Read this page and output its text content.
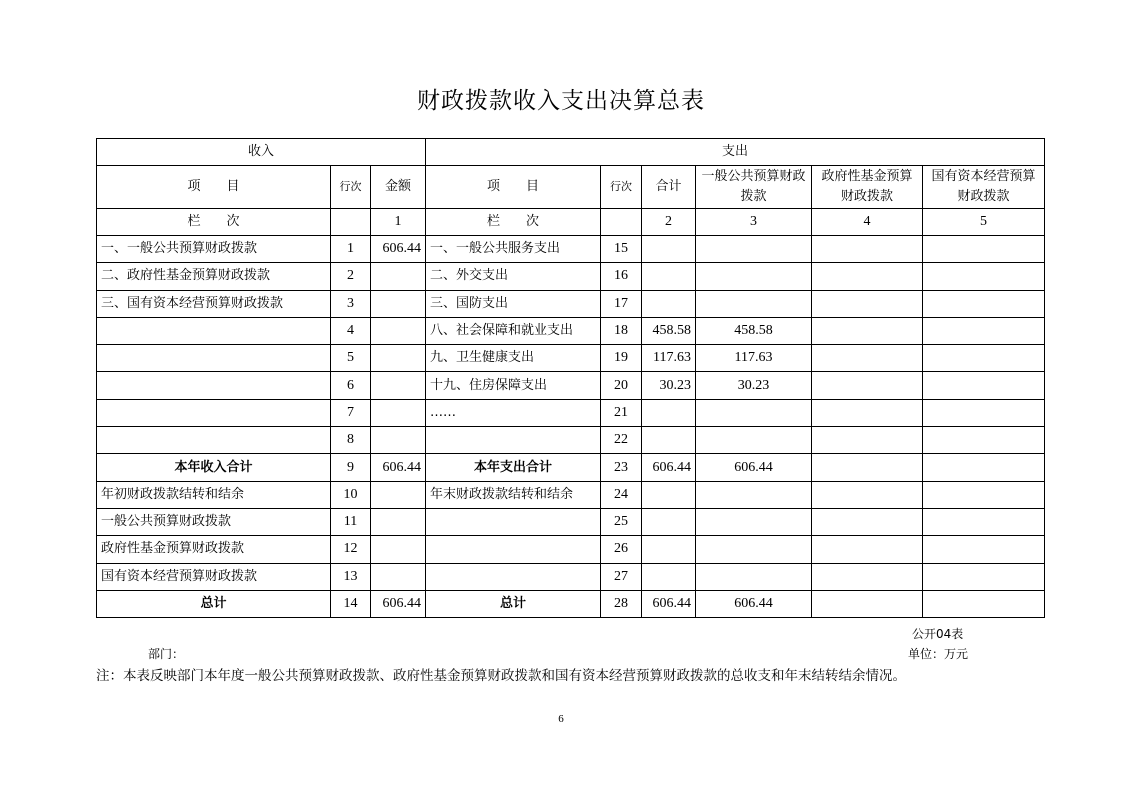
财政拨款收入支出决算总表
收入			支出					
项　　目	行次	金额	项　　目	行次	合计	一般公共预算财政拨款	政府性基金预算财政拨款	国有资本经营预算财政拨款
栏　　次		1	栏　　次		2	3	4	5
一、一般公共预算财政拨款	1	606.44	一、一般公共服务支出	15				
二、政府性基金预算财政拨款	2		二、外交支出	16				
三、国有资本经营预算财政拨款	3		三、国防支出	17				
	4		八、社会保障和就业支出	18	458.58	458.58		
	5		九、卫生健康支出	19	117.63	117.63		
	6		十九、住房保障支出	20	30.23	30.23		
	7		……	21				
	8			22				
本年收入合计	9	606.44	本年支出合计	23	606.44	606.44		
年初财政拨款结转和结余	10		年末财政拨款结转和结余	24				
一般公共预算财政拨款	11			25				
政府性基金预算财政拨款	12			26				
国有资本经营预算财政拨款	13			27				
总计	14	606.44	总计	28	606.44	606.44		
公开04表
部门：	单位：万元
注：本表反映部门本年度一般公共预算财政拨款、政府性基金预算财政拨款和国有资本经营预算财政拨款的总收支和年末结转结余情况。
6
